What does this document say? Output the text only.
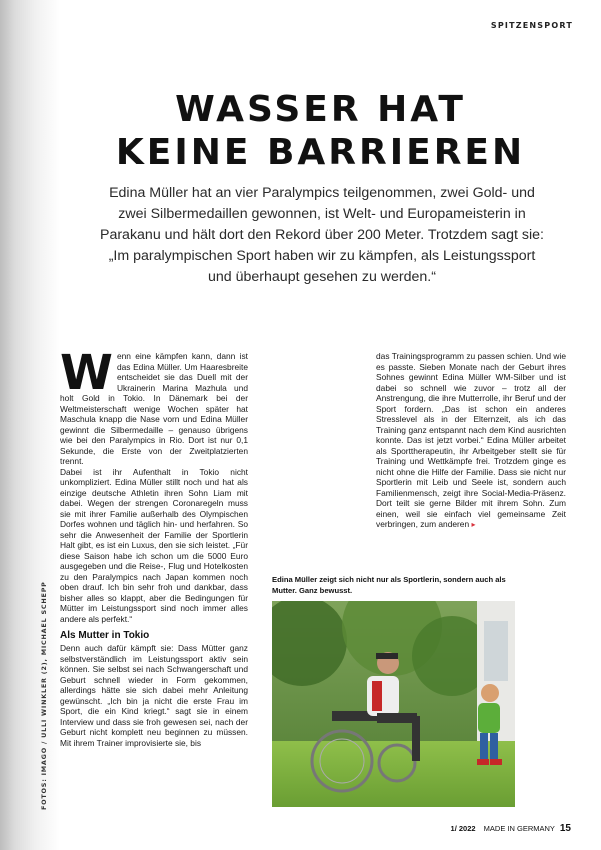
SPITZENSPORT
WASSER HAT
KEINE BARRIEREN

Edina Müller hat an vier Paralympics teilgenommen, zwei Gold- und zwei Silbermedaillen gewonnen, ist Welt- und Europameisterin in Parakanu und hält dort den Rekord über 200 Meter. Trotzdem sagt sie: „Im paralympischen Sport haben wir zu kämpfen, als Leistungssport und überhaupt gesehen zu werden.“

FOTOS: IMAGO / ULLI WINKLER (2), MICHAEL SCHEPP

Wenn eine kämpfen kann, dann ist das Edina Müller. Um Haaresbreite entscheidet sie das Duell mit der Ukrainerin Marina Mazhula und holt Gold in Tokio. In Dänemark bei der Weltmeisterschaft wenige Wochen später hat Maschula knapp die Nase vorn und Edina Müller gewinnt die Silbermedaille – genauso übrigens wie bei den Paralympics in Rio. Dort ist nur 0,1 Sekunde, die Erste von der Zweitplatzierten trennt.

Dabei ist ihr Aufenthalt in Tokio nicht unkompliziert. Edina Müller stillt noch und hat als einzige deutsche Athletin ihren Sohn Liam mit dabei. Wegen der strengen Coronaregeln muss sie mit ihrer Familie außerhalb des Olympischen Dorfes wohnen und täglich hin- und herfahren. So sehr die Anwesenheit der Familie der Sportlerin Halt gibt, es ist ein Luxus, den sie sich leistet. „Für diese Saison habe ich schon um die 5000 Euro ausgegeben und die Reise-, Flug und Hotelkosten zu den Paralympics nach Japan kommen noch oben drauf. Ich bin sehr froh und dankbar, dass bisher alles so klappt, aber die Bedingungen für Mütter im Leistungssport sind noch immer alles andere als perfekt.“

Als Mutter in Tokio

Denn auch dafür kämpft sie: Dass Mütter ganz selbstverständlich im Leistungssport aktiv sein können. Sie selbst sei nach Schwangerschaft und Geburt schnell wieder in Form gekommen, allerdings hätte sie sich dabei mehr Anleitung gewünscht. „Ich bin ja nicht die erste Frau im Sport, die ein Kind kriegt.“ sagt sie in einem Interview und dass sie froh gewesen sei, nach der Geburt nicht komplett neu beginnen zu müssen. Mit ihrem Trainer improvisierte sie, bis

das Trainingsprogramm zu passen schien. Und wie es passte. Sieben Monate nach der Geburt ihres Sohnes gewinnt Edina Müller WM-Silber und ist dabei so schnell wie zuvor – trotz all der Anstrengung, die ihre Mutterrolle, ihr Beruf und der Sport fordern. „Das ist schon ein anderes Stresslevel als in der Elternzeit, als ich das Training ganz entspannt nach dem Kind ausrichten konnte. Das ist jetzt vorbei.“ Edina Müller arbeitet als Sporttherapeutin, ihr Arbeitgeber stellt sie für Training und Wettkämpfe frei. Trotzdem ginge es nicht ohne die Hilfe der Familie. Dass sie nicht nur Sportlerin mit Leib und Seele ist, sondern auch Familienmensch, zeigt ihre Social-Media-Präsenz. Dort teilt sie gerne Bilder mit ihrem Sohn. Zum einen, weil sie einfach viel gemeinsame Zeit verbringen, zum anderen ▸

Edina Müller zeigt sich nicht nur als Sportlerin, sondern auch als Mutter. Ganz bewusst.

1/ 2022 MADE IN GERMANY 15
